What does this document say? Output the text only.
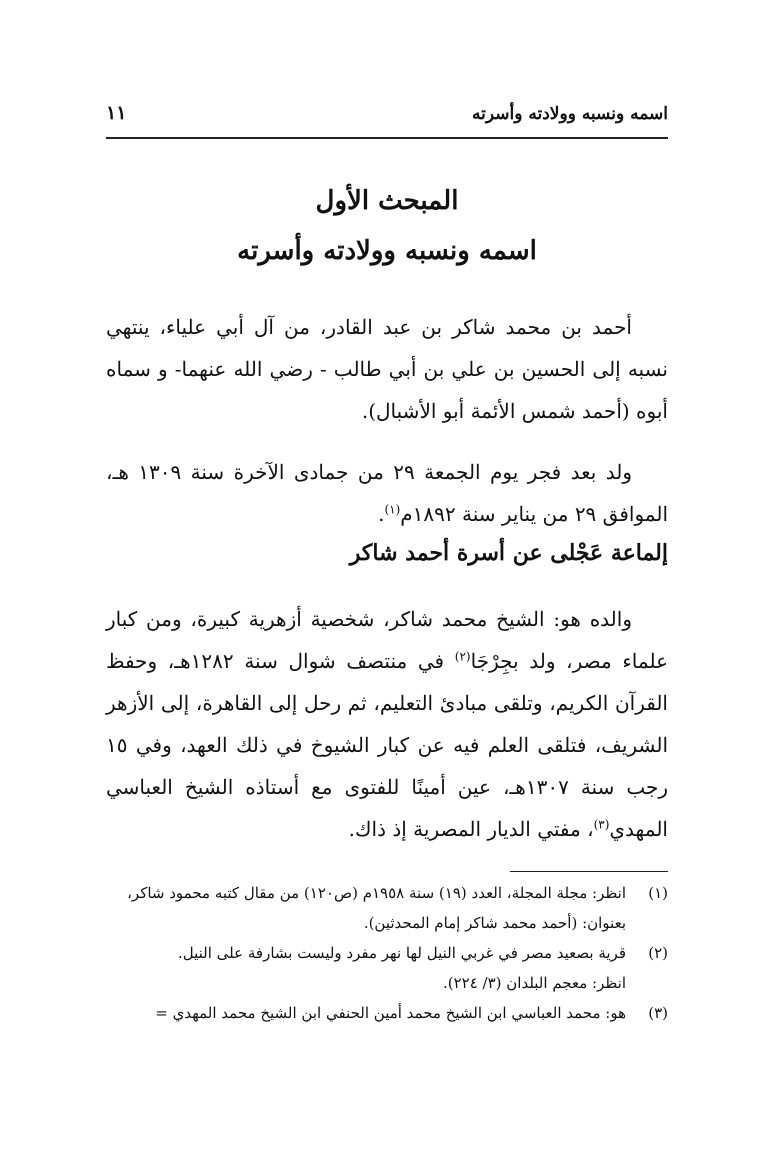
اسمه ونسبه وولادته وأسرته
١١
المبحث الأول
اسمه ونسبه وولادته وأسرته
أحمد بن محمد شاكر بن عبد القادر، من آل أبي علياء، ينتهي نسبه إلى الحسين بن علي بن أبي طالب - رضي الله عنهما- و سماه أبوه (أحمد شمس الأئمة أبو الأشبال).
ولد بعد فجر يوم الجمعة ٢٩ من جمادى الآخرة سنة ١٣٠٩ هـ، الموافق ٢٩ من يناير سنة ١٨٩٢م$^{(١)}$.
إلماعة عَجْلى عن أسرة أحمد شاكر
والده هو: الشيخ محمد شاكر، شخصية أزهرية كبيرة، ومن كبار علماء مصر، ولد بجِرْجَا$^{(٢)}$ في منتصف شوال سنة ١٢٨٢هـ، وحفظ القرآن الكريم، وتلقى مبادئ التعليم، ثم رحل إلى القاهرة، إلى الأزهر الشريف، فتلقى العلم فيه عن كبار الشيوخ في ذلك العهد، وفي ١٥ رجب سنة ١٣٠٧هـ، عين أمينًا للفتوى مع أستاذه الشيخ العباسي المهدي$^{(٣)}$، مفتي الديار المصرية إذ ذاك.
(١)
انظر: مجلة المجلة، العدد (١٩) سنة ١٩٥٨م (ص١٢٠) من مقال كتبه محمود شاكر، بعنوان: (أحمد محمد شاكر إمام المحدثين).
(٢)
قرية بصعيد مصر في غربي النيل لها نهر مفرد وليست بشارفة على النيل.
انظر: معجم البلدان (٣/ ٢٢٤).
(٣)
هو: محمد العباسي ابن الشيخ محمد أمين الحنفي ابن الشيخ محمد المهدي =
